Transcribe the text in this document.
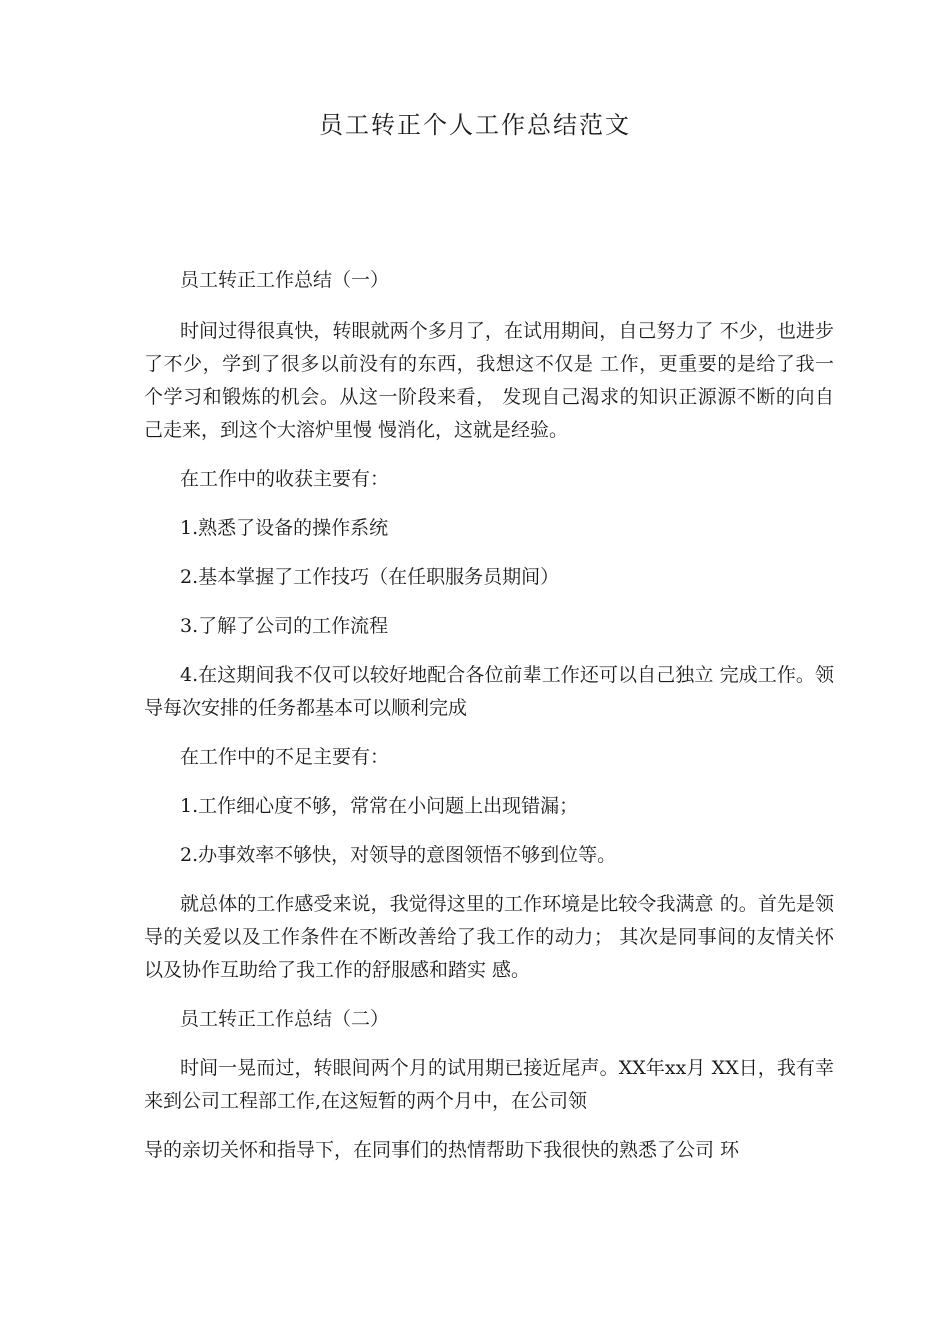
员工转正个人工作总结范文

员工转正工作总结（一）

时间过得很真快，转眼就两个多月了，在试用期间，自己努力了 不少，也进步了不少，学到了很多以前没有的东西，我想这不仅是 工作，更重要的是给了我一个学习和锻炼的机会。从这一阶段来看， 发现自己渴求的知识正源源不断的向自己走来，到这个大溶炉里慢 慢消化，这就是经验。

在工作中的收获主要有：

1.熟悉了设备的操作系统

2.基本掌握了工作技巧（在任职服务员期间）

3.了解了公司的工作流程

4.在这期间我不仅可以较好地配合各位前辈工作还可以自己独立 完成工作。领导每次安排的任务都基本可以顺利完成

在工作中的不足主要有：

1.工作细心度不够，常常在小问题上出现错漏；

2.办事效率不够快，对领导的意图领悟不够到位等。

就总体的工作感受来说，我觉得这里的工作环境是比较令我满意 的。首先是领导的关爱以及工作条件在不断改善给了我工作的动力； 其次是同事间的友情关怀以及协作互助给了我工作的舒服感和踏实 感。

员工转正工作总结（二）

时间一晃而过，转眼间两个月的试用期已接近尾声。XX年xx月 XX日，我有幸来到公司工程部工作,在这短暂的两个月中，在公司领

导的亲切关怀和指导下，在同事们的热情帮助下我很快的熟悉了公司 环
